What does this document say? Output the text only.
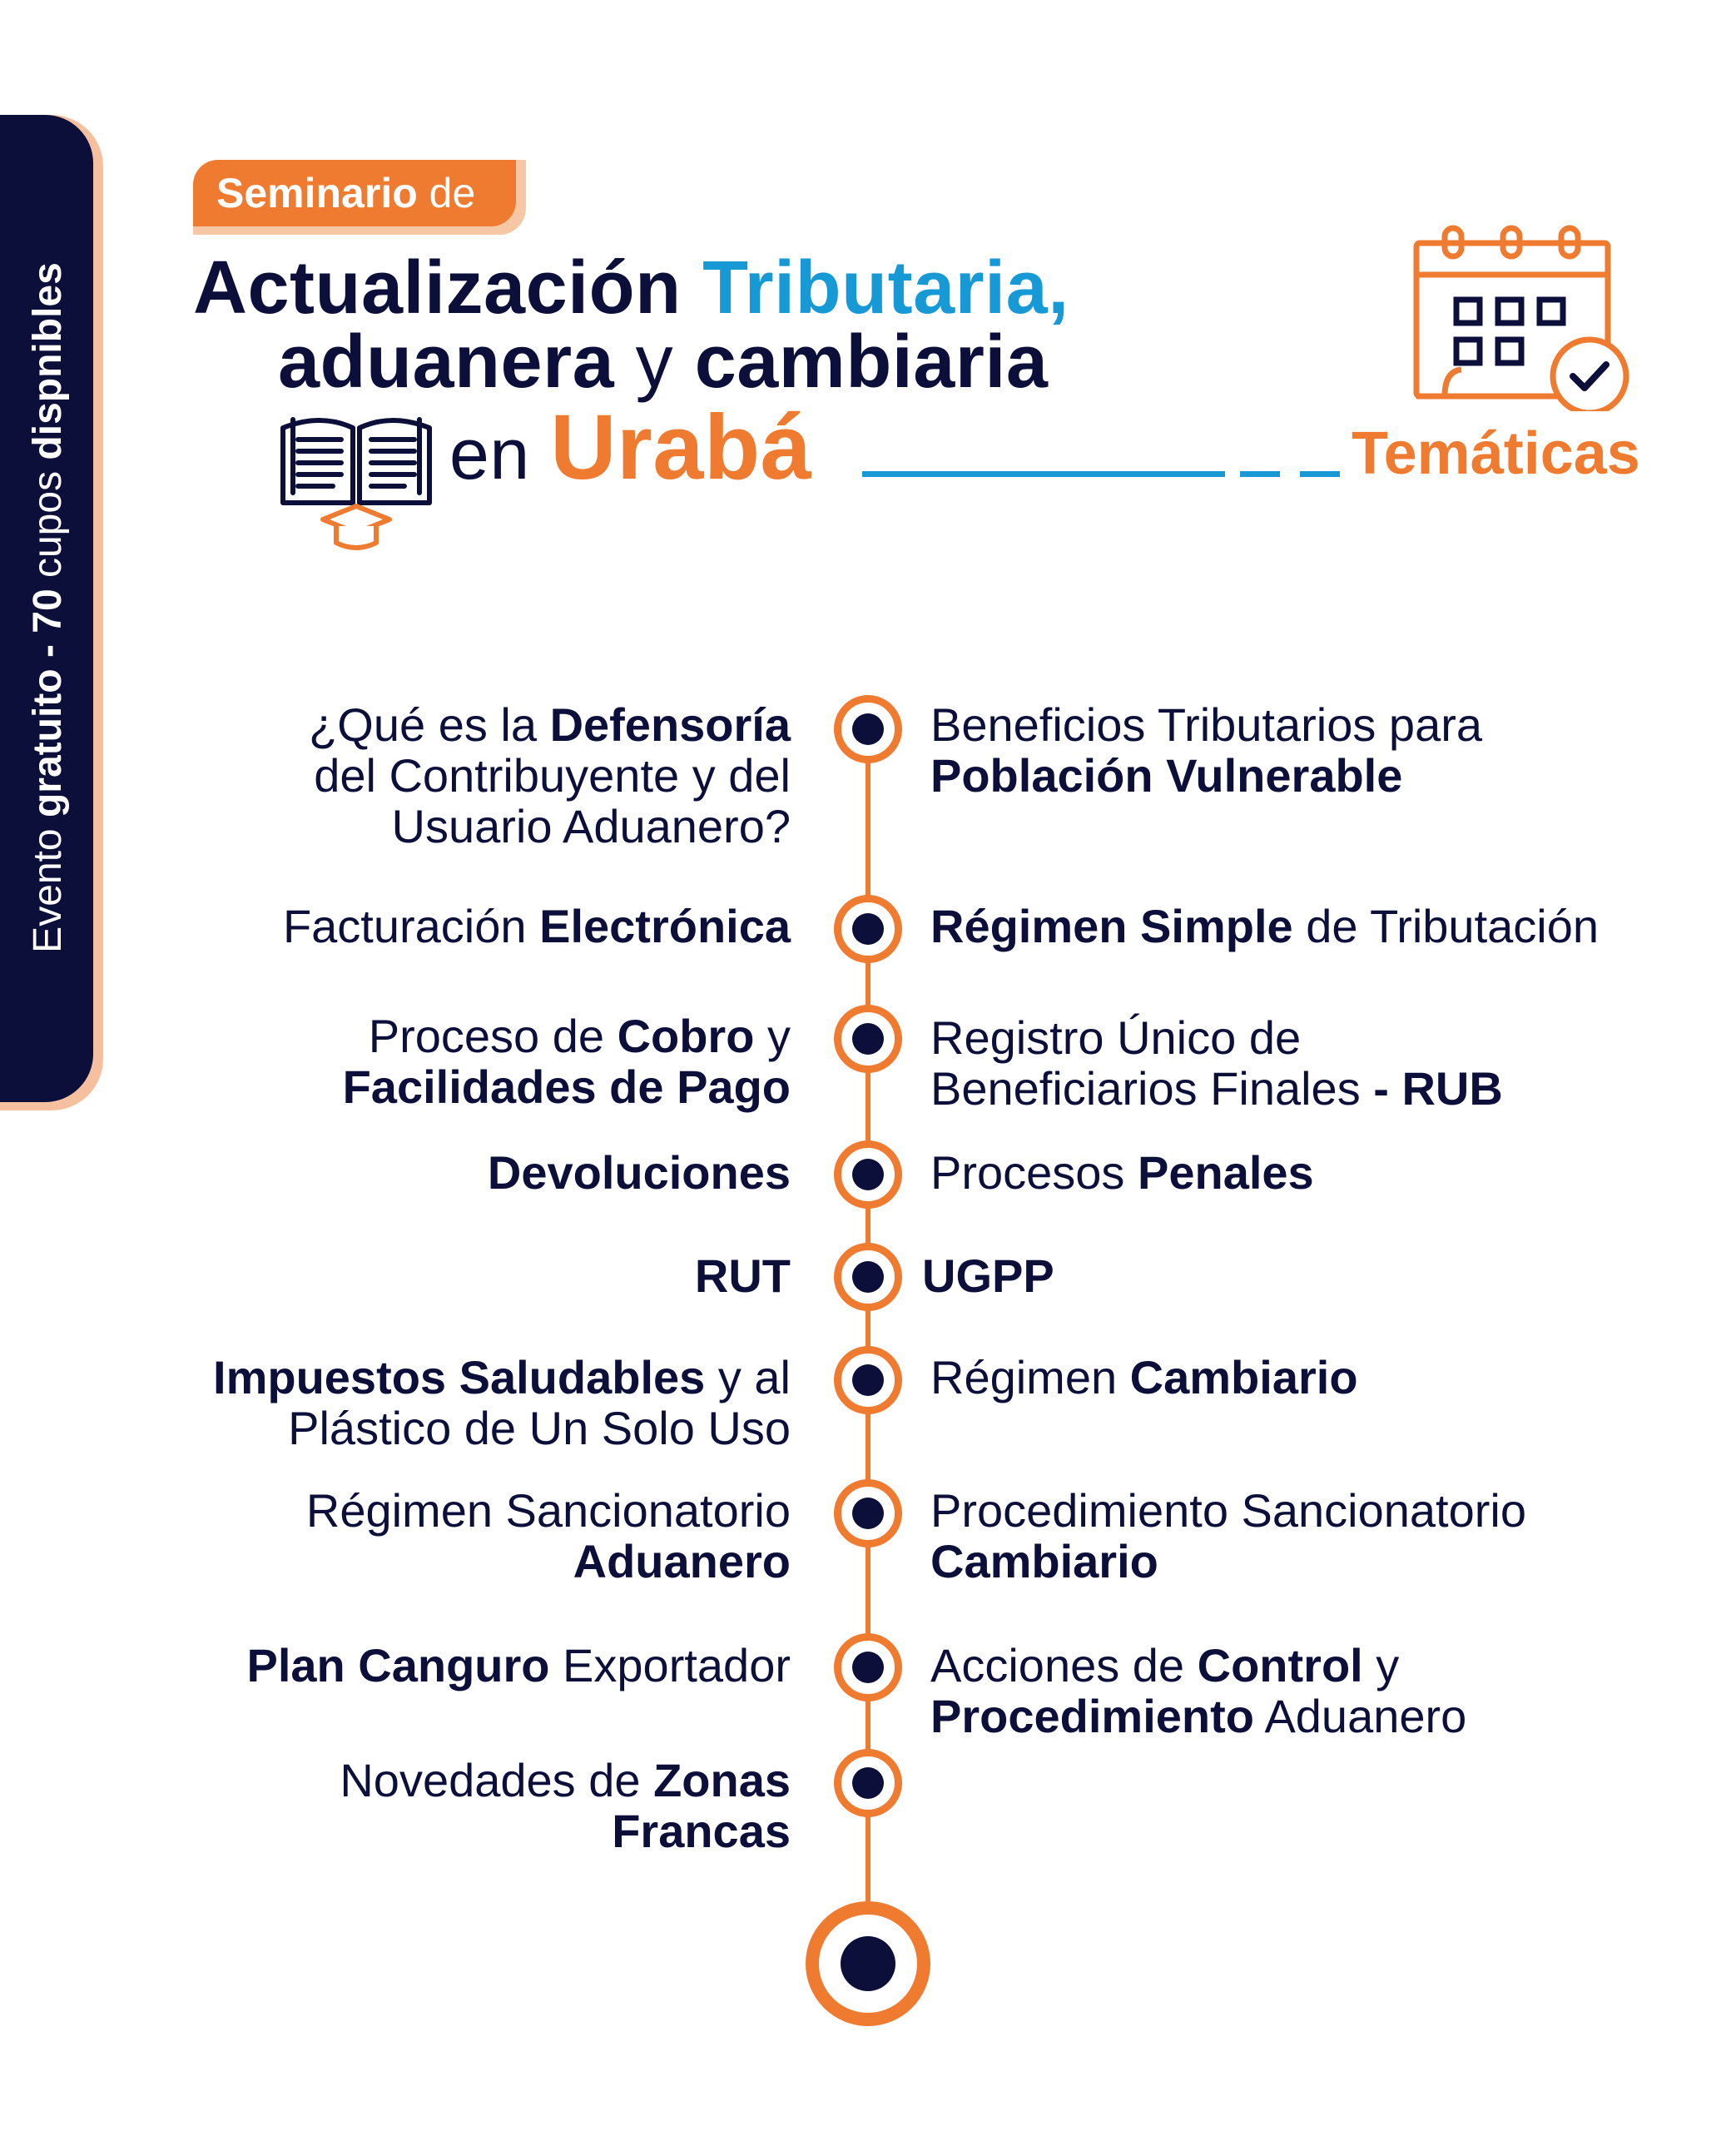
Evento gratuito - 70 cupos dispnibles
Seminario de
Actualización Tributaria,
aduanera y cambiaria
en Urabá	Temáticas
¿Qué es la Defensoría
del Contribuyente y del
Usuario Aduanero?
Facturación Electrónica
Proceso de Cobro y
Facilidades de Pago
Devoluciones
RUT
Impuestos Saludables y al
Plástico de Un Solo Uso
Régimen Sancionatorio
Aduanero
Plan Canguro Exportador
Novedades de Zonas
Francas
Beneficios Tributarios para
Población Vulnerable
Régimen Simple de Tributación
Registro Único de
Beneficiarios Finales - RUB
Procesos Penales
UGPP
Régimen Cambiario
Procedimiento Sancionatorio
Cambiario
Acciones de Control y
Procedimiento Aduanero
